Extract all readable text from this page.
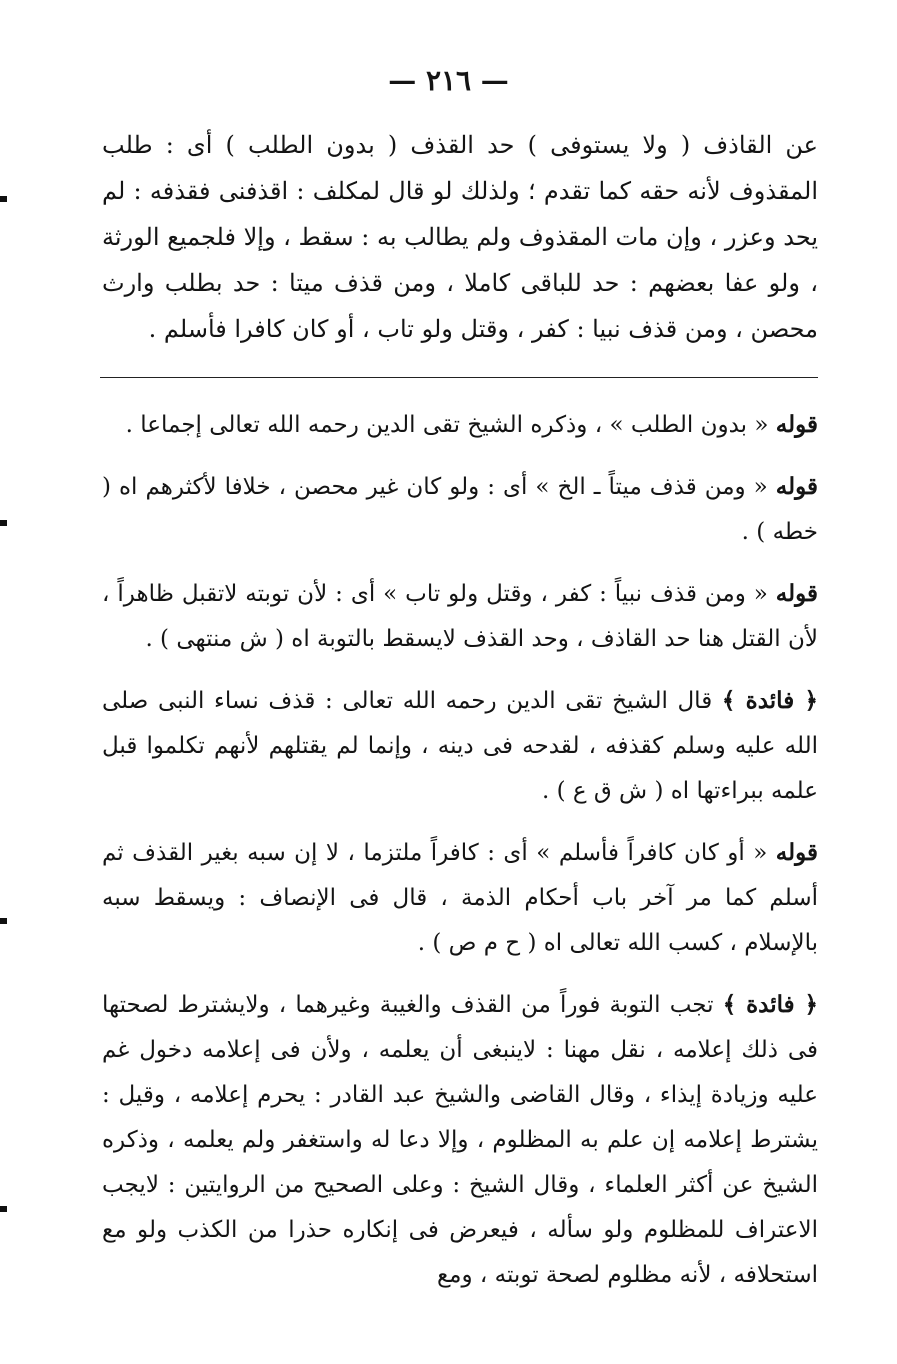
— ٢١٦ —
عن القاذف ( ولا يستوفى ) حد القذف ( بدون الطلب ) أى : طلب المقذوف لأنه حقه كما تقدم ؛ ولذلك لو قال لمكلف : اقذفنى فقذفه : لم يحد وعزر ، وإن مات المقذوف ولم يطالب به : سقط ، وإلا فلجميع الورثة ، ولو عفا بعضهم : حد للباقى كاملا ، ومن قذف ميتا : حد بطلب وارث محصن ، ومن قذف نبيا : كفر ، وقتل ولو تاب ، أو كان كافرا فأسلم .

قوله « بدون الطلب » ، وذكره الشيخ تقى الدين رحمه الله تعالى إجماعا .

قوله « ومن قذف ميتاً ـ الخ » أى : ولو كان غير محصن ، خلافا لأكثرهم اه ( خطه ) .

قوله « ومن قذف نبياً : كفر ، وقتل ولو تاب » أى : لأن توبته لاتقبل ظاهراً ، لأن القتل هنا حد القاذف ، وحد القذف لايسقط بالتوبة اه ( ش منتهى ) .

﴿ فائدة ﴾ قال الشيخ تقى الدين رحمه الله تعالى : قذف نساء النبى صلى الله عليه وسلم كقذفه ، لقدحه فى دينه ، وإنما لم يقتلهم لأنهم تكلموا قبل علمه ببراءتها اه ( ش ق ع ) .

قوله « أو كان كافراً فأسلم » أى : كافراً ملتزما ، لا إن سبه بغير القذف ثم أسلم كما مر آخر باب أحكام الذمة ، قال فى الإنصاف : ويسقط سبه بالإسلام ، كسب الله تعالى اه ( ح م ص ) .

﴿ فائدة ﴾ تجب التوبة فوراً من القذف والغيبة وغيرهما ، ولايشترط لصحتها فى ذلك إعلامه ، نقل مهنا : لاينبغى أن يعلمه ، ولأن فى إعلامه دخول غم عليه وزيادة إيذاء ، وقال القاضى والشيخ عبد القادر : يحرم إعلامه ، وقيل : يشترط إعلامه إن علم به المظلوم ، وإلا دعا له واستغفر ولم يعلمه ، وذكره الشيخ عن أكثر العلماء ، وقال الشيخ : وعلى الصحيح من الروايتين : لايجب الاعتراف للمظلوم ولو سأله ، فيعرض فى إنكاره حذرا من الكذب ولو مع استحلافه ، لأنه مظلوم لصحة توبته ، ومع
